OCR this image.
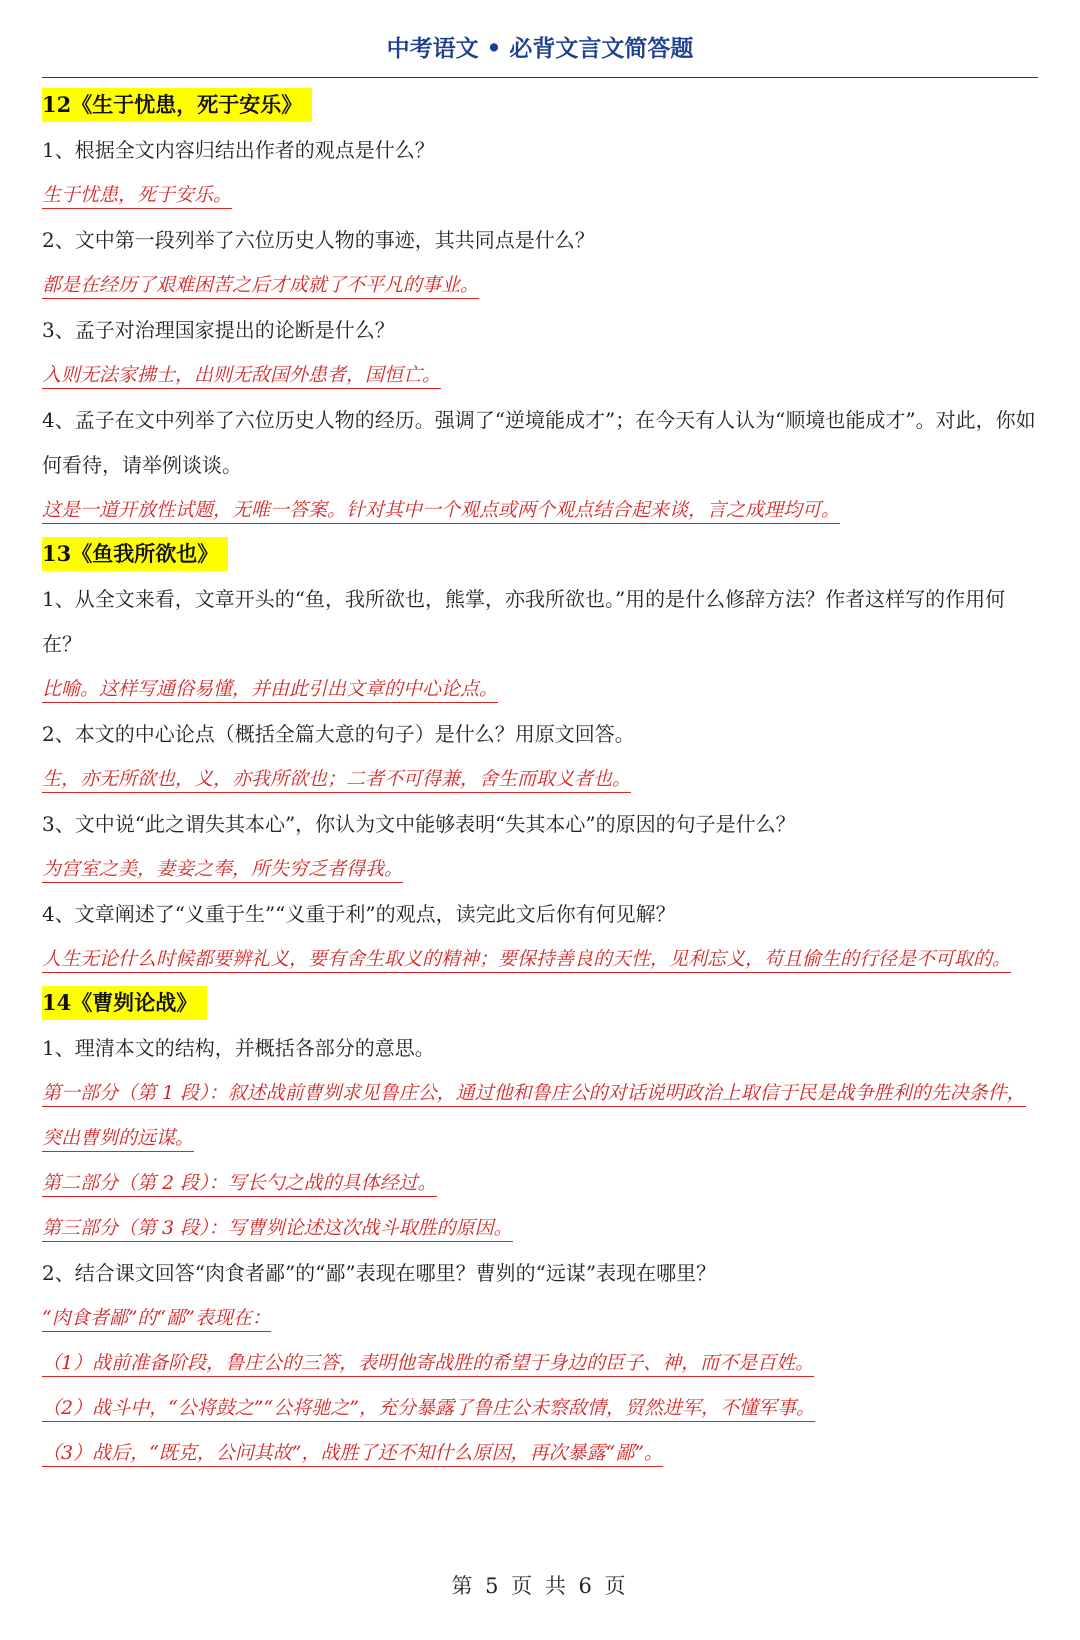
中考语文 • 必背文言文简答题
12《生于忧患，死于安乐》
1、根据全文内容归结出作者的观点是什么？
生于忧患，死于安乐。
2、文中第一段列举了六位历史人物的事迹，其共同点是什么？
都是在经历了艰难困苦之后才成就了不平凡的事业。
3、孟子对治理国家提出的论断是什么？
入则无法家拂士，出则无敌国外患者，国恒亡。
4、孟子在文中列举了六位历史人物的经历。强调了“逆境能成才”；在今天有人认为“顺境也能成才”。对此，你如何看待，请举例谈谈。
这是一道开放性试题，无唯一答案。针对其中一个观点或两个观点结合起来谈，言之成理均可。
13《鱼我所欲也》
1、从全文来看，文章开头的“鱼，我所欲也，熊掌，亦我所欲也。”用的是什么修辞方法？作者这样写的作用何在？
比喻。这样写通俗易懂，并由此引出文章的中心论点。
2、本文的中心论点（概括全篇大意的句子）是什么？用原文回答。
生，亦无所欲也，义，亦我所欲也；二者不可得兼，舍生而取义者也。
3、文中说“此之谓失其本心”，你认为文中能够表明“失其本心”的原因的句子是什么？
为宫室之美，妻妾之奉，所失穷乏者得我。
4、文章阐述了“义重于生”“义重于利”的观点，读完此文后你有何见解？
人生无论什么时候都要辨礼义，要有舍生取义的精神；要保持善良的天性，见利忘义，苟且偷生的行径是不可取的。
14《曹刿论战》
1、理清本文的结构，并概括各部分的意思。
第一部分（第 1 段）：叙述战前曹刿求见鲁庄公，通过他和鲁庄公的对话说明政治上取信于民是战争胜利的先决条件，突出曹刿的远谋。
第二部分（第 2 段）：写长勺之战的具体经过。
第三部分（第 3 段）：写曹刿论述这次战斗取胜的原因。
2、结合课文回答“肉食者鄙”的“鄙”表现在哪里？曹刿的“远谋”表现在哪里？
“肉食者鄙”的“鄙”表现在：
（1）战前准备阶段，鲁庄公的三答，表明他寄战胜的希望于身边的臣子、神，而不是百姓。
（2）战斗中，“公将鼓之”“公将驰之”，充分暴露了鲁庄公未察敌情，贸然进军，不懂军事。
（3）战后，“既克，公问其故”，战胜了还不知什么原因，再次暴露“鄙”。
第 5 页 共 6 页
